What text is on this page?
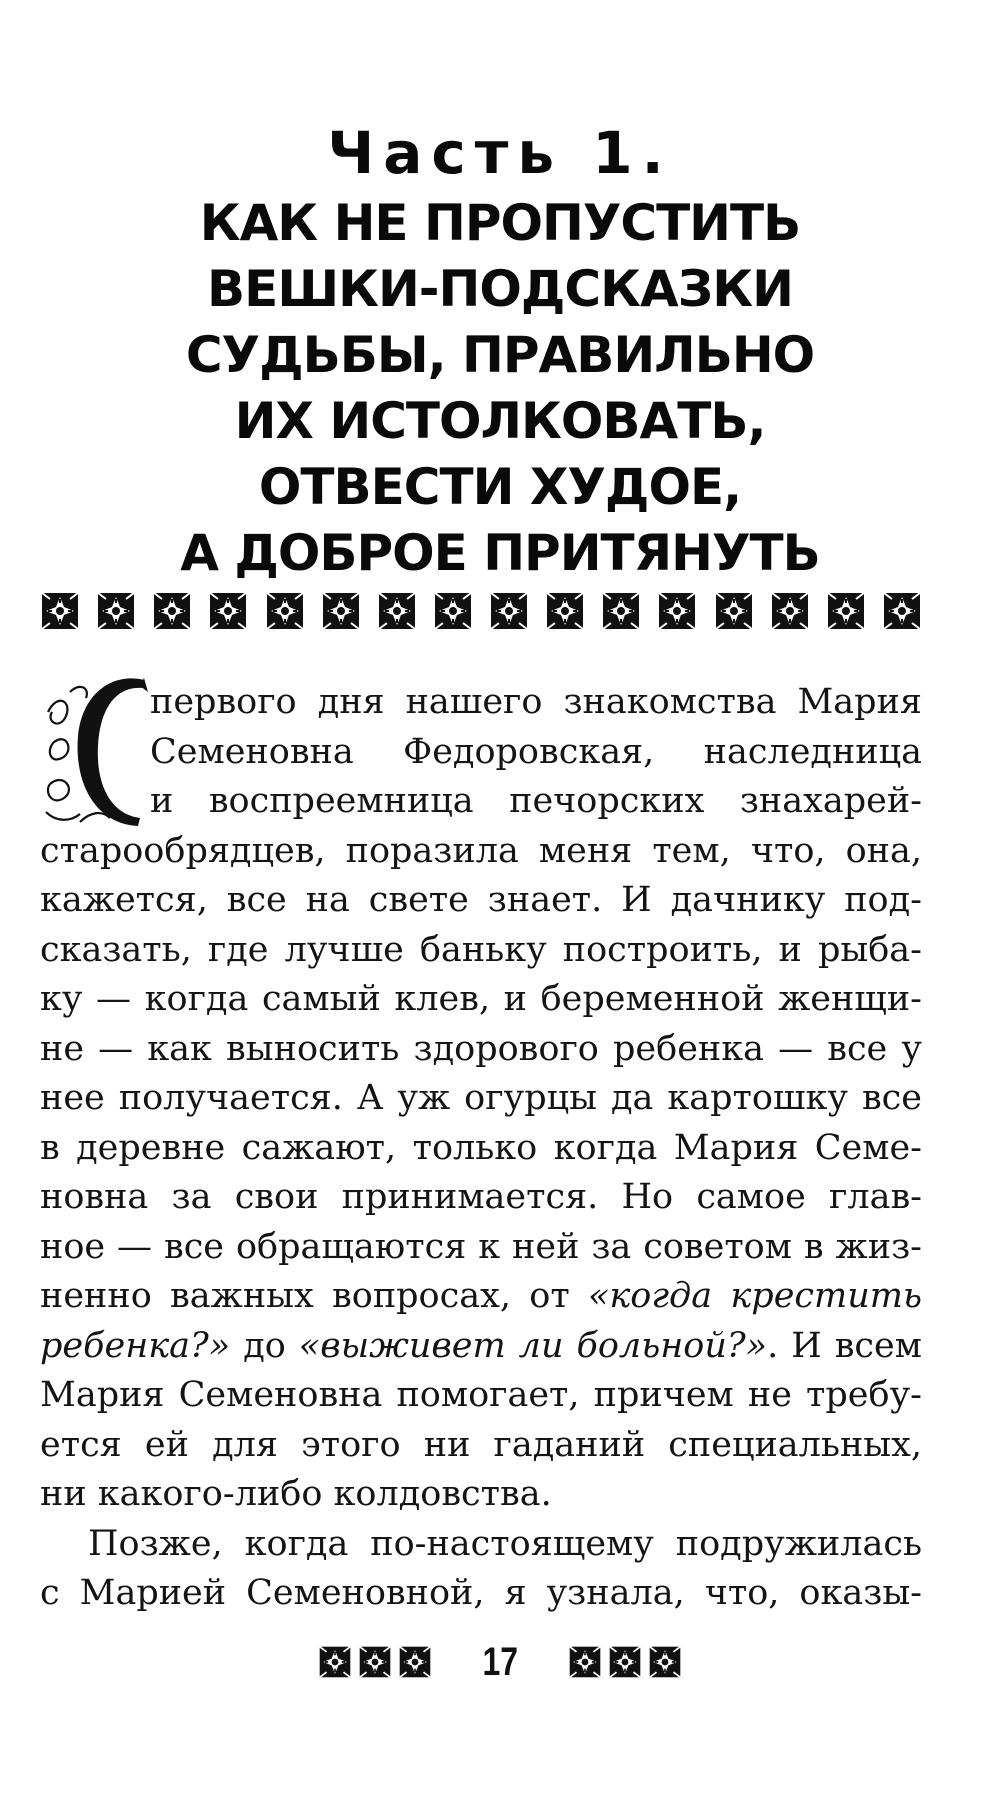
Часть 1.
КАК НЕ ПРОПУСТИТЬ
ВЕШКИ-ПОДСКАЗКИ
СУДЬБЫ, ПРАВИЛЬНО
ИХ ИСТОЛКОВАТЬ,
ОТВЕСТИ ХУДОЕ,
А ДОБРОЕ ПРИТЯНУТЬ
первого дня нашего знакомства Мария
Семеновна Федоровская, наследница
и воспреемница печорских знахарей-
старообрядцев, поразила меня тем, что, она,
кажется, все на свете знает. И дачнику под-
сказать, где лучше баньку построить, и рыба-
ку — когда самый клев, и беременной женщи-
не — как выносить здорового ребенка — все у
нее получается. А уж огурцы да картошку все
в деревне сажают, только когда Мария Семе-
новна за свои принимается. Но самое глав-
ное — все обращаются к ней за советом в жиз-
ненно важных вопросах, от «когда крестить
ребенка?» до «выживет ли больной?». И всем
Мария Семеновна помогает, причем не требу-
ется ей для этого ни гаданий специальных,
ни какого-либо колдовства.
Позже, когда по-настоящему подружилась
с Марией Семеновной, я узнала, что, оказы-
17
